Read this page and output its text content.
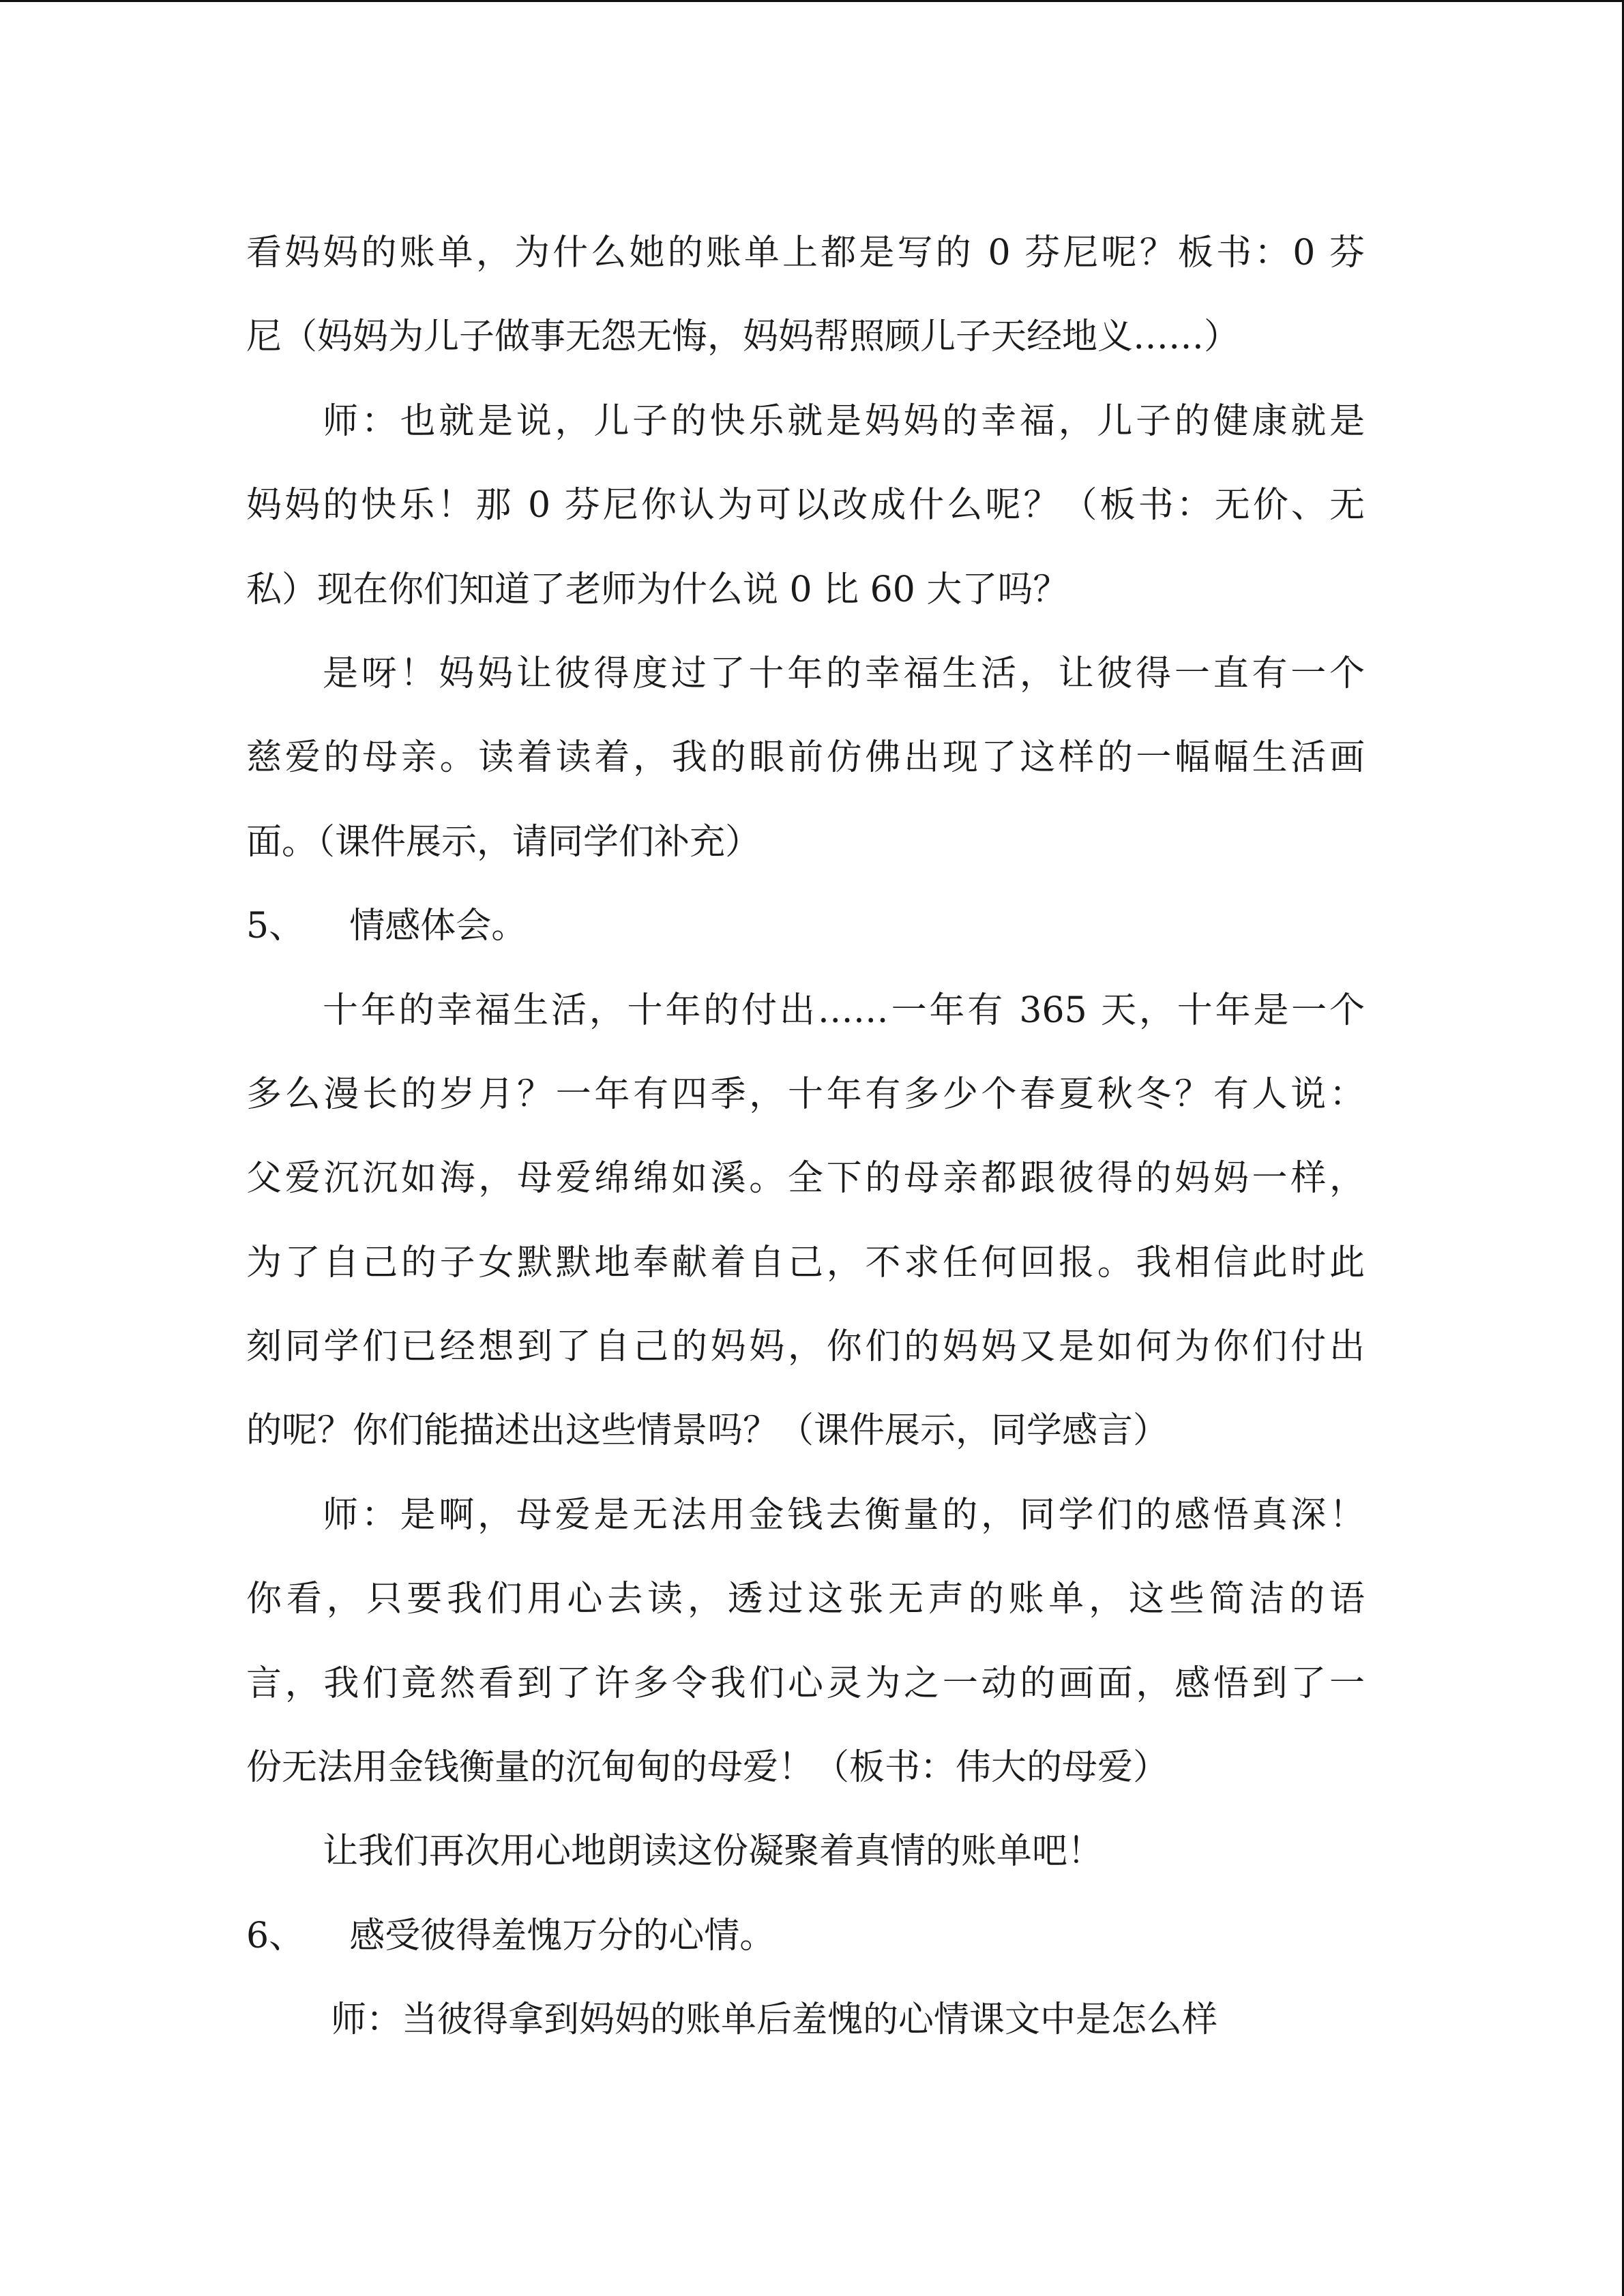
看妈妈的账单，为什么她的账单上都是写的 0 芬尼呢？板书：0 芬
尼（妈妈为儿子做事无怨无悔，妈妈帮照顾儿子天经地义……）
师：也就是说，儿子的快乐就是妈妈的幸福，儿子的健康就是
妈妈的快乐！那 0 芬尼你认为可以改成什么呢？（板书：无价、无
私）现在你们知道了老师为什么说 0 比 60 大了吗？
是呀！妈妈让彼得度过了十年的幸福生活，让彼得一直有一个
慈爱的母亲。读着读着，我的眼前仿佛出现了这样的一幅幅生活画
面。（课件展示，请同学们补充）
5、    情感体会。
十年的幸福生活，十年的付出……一年有 365 天，十年是一个
多么漫长的岁月？一年有四季，十年有多少个春夏秋冬？有人说：
父爱沉沉如海，母爱绵绵如溪。全下的母亲都跟彼得的妈妈一样，
为了自己的子女默默地奉献着自己，不求任何回报。我相信此时此
刻同学们已经想到了自己的妈妈，你们的妈妈又是如何为你们付出
的呢？你们能描述出这些情景吗？（课件展示，同学感言）
师：是啊，母爱是无法用金钱去衡量的，同学们的感悟真深！
你看，只要我们用心去读，透过这张无声的账单，这些简洁的语
言，我们竟然看到了许多令我们心灵为之一动的画面，感悟到了一
份无法用金钱衡量的沉甸甸的母爱！（板书：伟大的母爱）
让我们再次用心地朗读这份凝聚着真情的账单吧！
6、    感受彼得羞愧万分的心情。
师：当彼得拿到妈妈的账单后羞愧的心情课文中是怎么样
